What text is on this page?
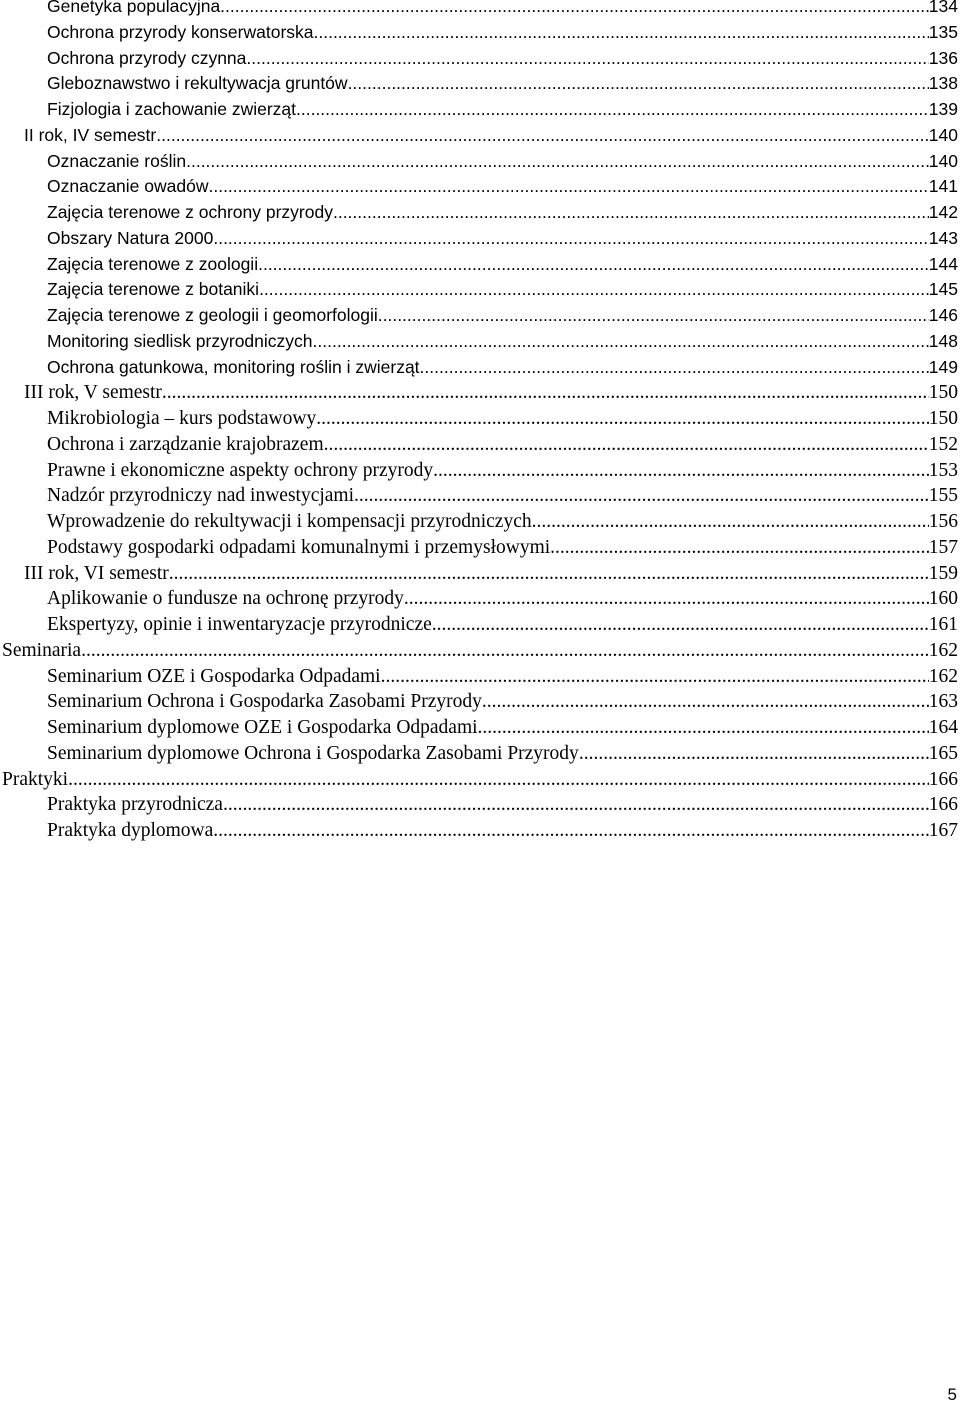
Genetyka populacyjna .....	134
Ochrona przyrody konserwatorska .....	135
Ochrona przyrody czynna .....	136
Gleboznawstwo i rekultywacja gruntów .....	138
Fizjologia i zachowanie zwierząt .....	139
II rok, IV semestr .....	140
Oznaczanie roślin .....	140
Oznaczanie owadów .....	141
Zajęcia terenowe z ochrony przyrody .....	142
Obszary Natura 2000 .....	143
Zajęcia terenowe z zoologii .....	144
Zajęcia terenowe z botaniki .....	145
Zajęcia terenowe z geologii i geomorfologii .....	146
Monitoring siedlisk przyrodniczych .....	148
Ochrona gatunkowa, monitoring roślin i zwierząt .....	149
III rok, V semestr .....	150
Mikrobiologia – kurs podstawowy .....	150
Ochrona i zarządzanie krajobrazem .....	152
Prawne i ekonomiczne aspekty ochrony przyrody .....	153
Nadzór przyrodniczy nad inwestycjami .....	155
Wprowadzenie do rekultywacji i kompensacji przyrodniczych .....	156
Podstawy gospodarki odpadami komunalnymi i przemysłowymi .....	157
III rok, VI semestr .....	159
Aplikowanie o fundusze na ochronę przyrody .....	160
Ekspertyzy, opinie i inwentaryzacje przyrodnicze .....	161
Seminaria .....	162
Seminarium OZE i Gospodarka Odpadami .....	162
Seminarium Ochrona i Gospodarka Zasobami Przyrody .....	163
Seminarium dyplomowe OZE i Gospodarka Odpadami .....	164
Seminarium dyplomowe Ochrona i Gospodarka Zasobami Przyrody .....	165
Praktyki .....	166
Praktyka przyrodnicza .....	166
Praktyka dyplomowa .....	167
5
